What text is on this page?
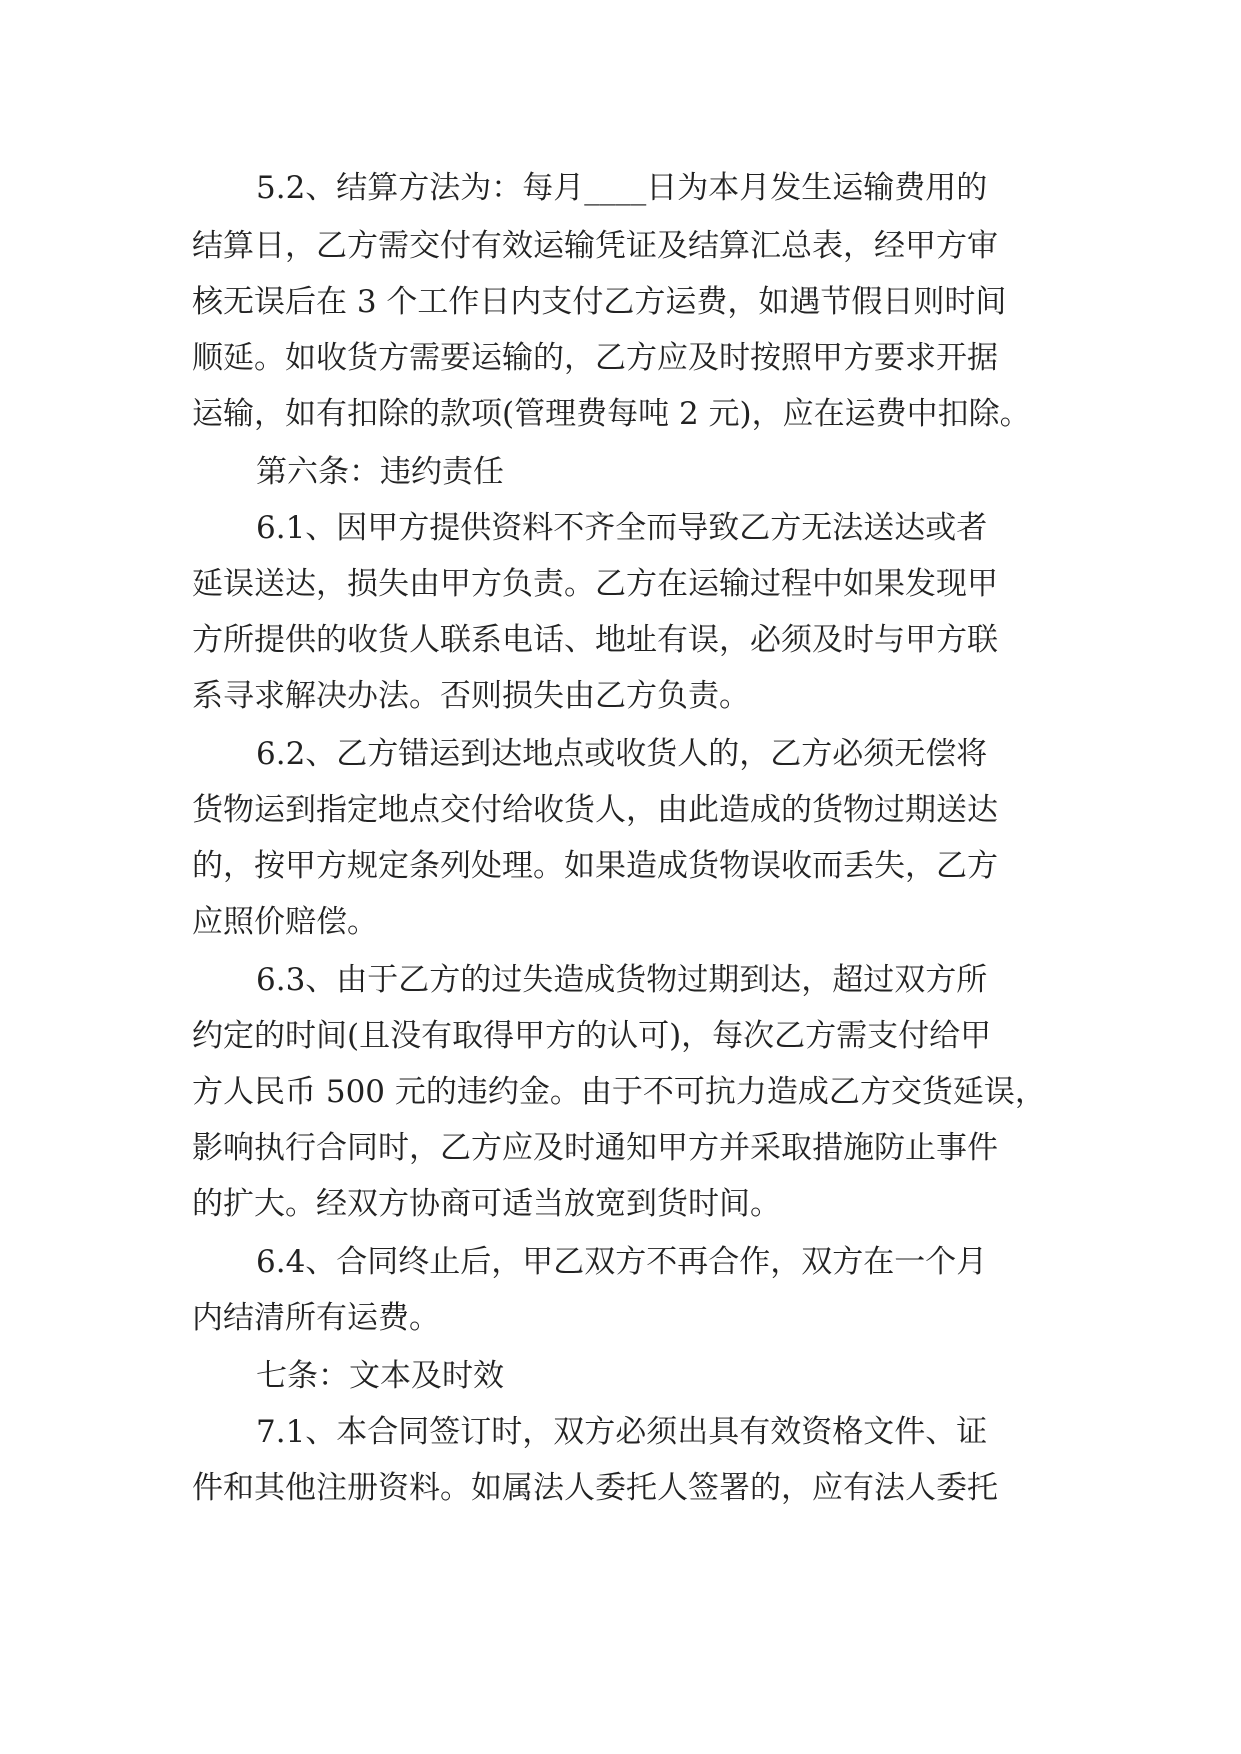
5.2、结算方法为：每月____日为本月发生运输费用的
结算日，乙方需交付有效运输凭证及结算汇总表，经甲方审
核无误后在 3 个工作日内支付乙方运费，如遇节假日则时间
顺延。如收货方需要运输的，乙方应及时按照甲方要求开据
运输，如有扣除的款项(管理费每吨 2 元)，应在运费中扣除。
第六条：违约责任
6.1、因甲方提供资料不齐全而导致乙方无法送达或者
延误送达，损失由甲方负责。乙方在运输过程中如果发现甲
方所提供的收货人联系电话、地址有误，必须及时与甲方联
系寻求解决办法。否则损失由乙方负责。
6.2、乙方错运到达地点或收货人的，乙方必须无偿将
货物运到指定地点交付给收货人，由此造成的货物过期送达
的，按甲方规定条列处理。如果造成货物误收而丢失，乙方
应照价赔偿。
6.3、由于乙方的过失造成货物过期到达，超过双方所
约定的时间(且没有取得甲方的认可)，每次乙方需支付给甲
方人民币 500 元的违约金。由于不可抗力造成乙方交货延误，
影响执行合同时，乙方应及时通知甲方并采取措施防止事件
的扩大。经双方协商可适当放宽到货时间。
6.4、合同终止后，甲乙双方不再合作，双方在一个月
内结清所有运费。
七条：文本及时效
7.1、本合同签订时，双方必须出具有效资格文件、证
件和其他注册资料。如属法人委托人签署的，应有法人委托
